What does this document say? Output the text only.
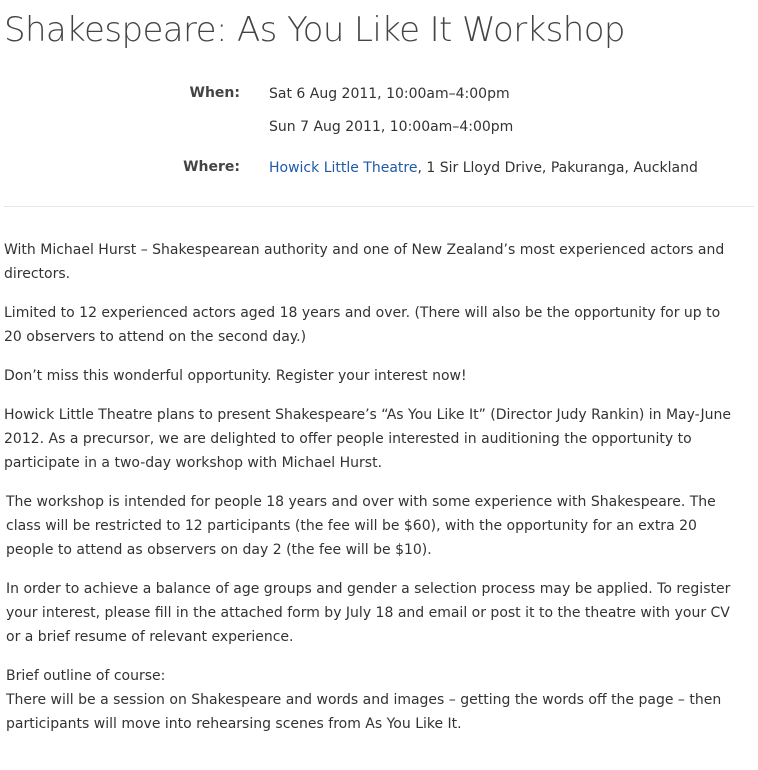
Shakespeare: As You Like It Workshop
When: Sat 6 Aug 2011, 10:00am–4:00pm
Sun 7 Aug 2011, 10:00am–4:00pm
Where: Howick Little Theatre, 1 Sir Lloyd Drive, Pakuranga, Auckland

With Michael Hurst – Shakespearean authority and one of New Zealand’s most experienced actors and directors.

Limited to 12 experienced actors aged 18 years and over. (There will also be the opportunity for up to 20 observers to attend on the second day.)

Don’t miss this wonderful opportunity. Register your interest now!

Howick Little Theatre plans to present Shakespeare’s “As You Like It” (Director Judy Rankin) in May-June 2012. As a precursor, we are delighted to offer people interested in auditioning the opportunity to participate in a two-day workshop with Michael Hurst.

The workshop is intended for people 18 years and over with some experience with Shakespeare. The class will be restricted to 12 participants (the fee will be $60), with the opportunity for an extra 20 people to attend as observers on day 2 (the fee will be $10).

In order to achieve a balance of age groups and gender a selection process may be applied. To register your interest, please fill in the attached form by July 18 and email or post it to the theatre with your CV or a brief resume of relevant experience.

Brief outline of course:
There will be a session on Shakespeare and words and images – getting the words off the page – then participants will move into rehearsing scenes from As You Like It.
